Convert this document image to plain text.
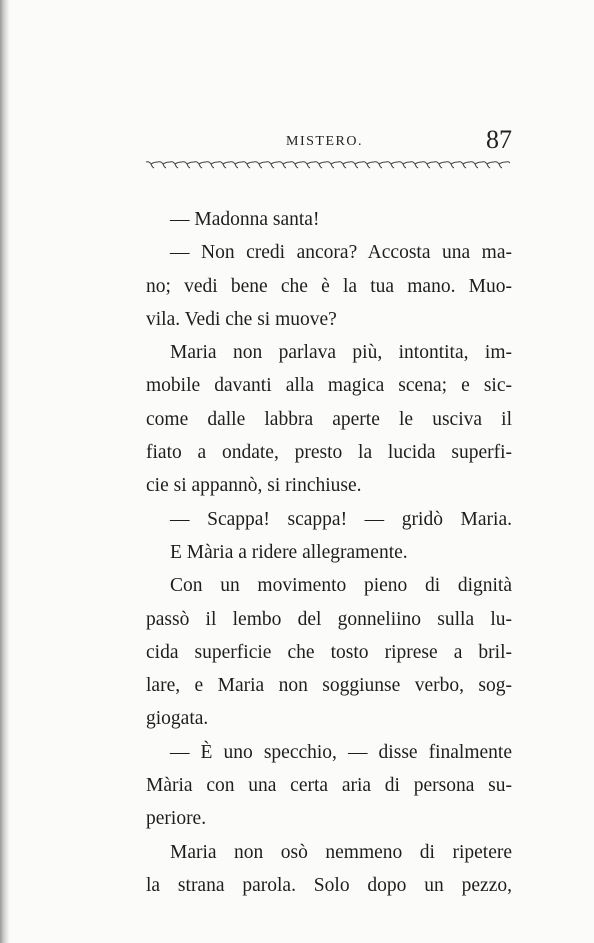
MISTERO.	87
— Madonna santa!
— Non credi ancora? Accosta una ma-
no; vedi bene che è la tua mano. Muo-
vila. Vedi che si muove?
Maria non parlava più, intontita, im-
mobile davanti alla magica scena; e sic-
come dalle labbra aperte le usciva il
fiato a ondate, presto la lucida superfi-
cie si appannò, si rinchiuse.
— Scappa! scappa! — gridò Maria.
E Mària a ridere allegramente.
Con un movimento pieno di dignità
passò il lembo del gonneliino sulla lu-
cida superficie che tosto riprese a bril-
lare, e Maria non soggiunse verbo, sog-
giogata.
— È uno specchio, — disse finalmente
Mària con una certa aria di persona su-
periore.
Maria non osò nemmeno di ripetere
la strana parola. Solo dopo un pezzo,
